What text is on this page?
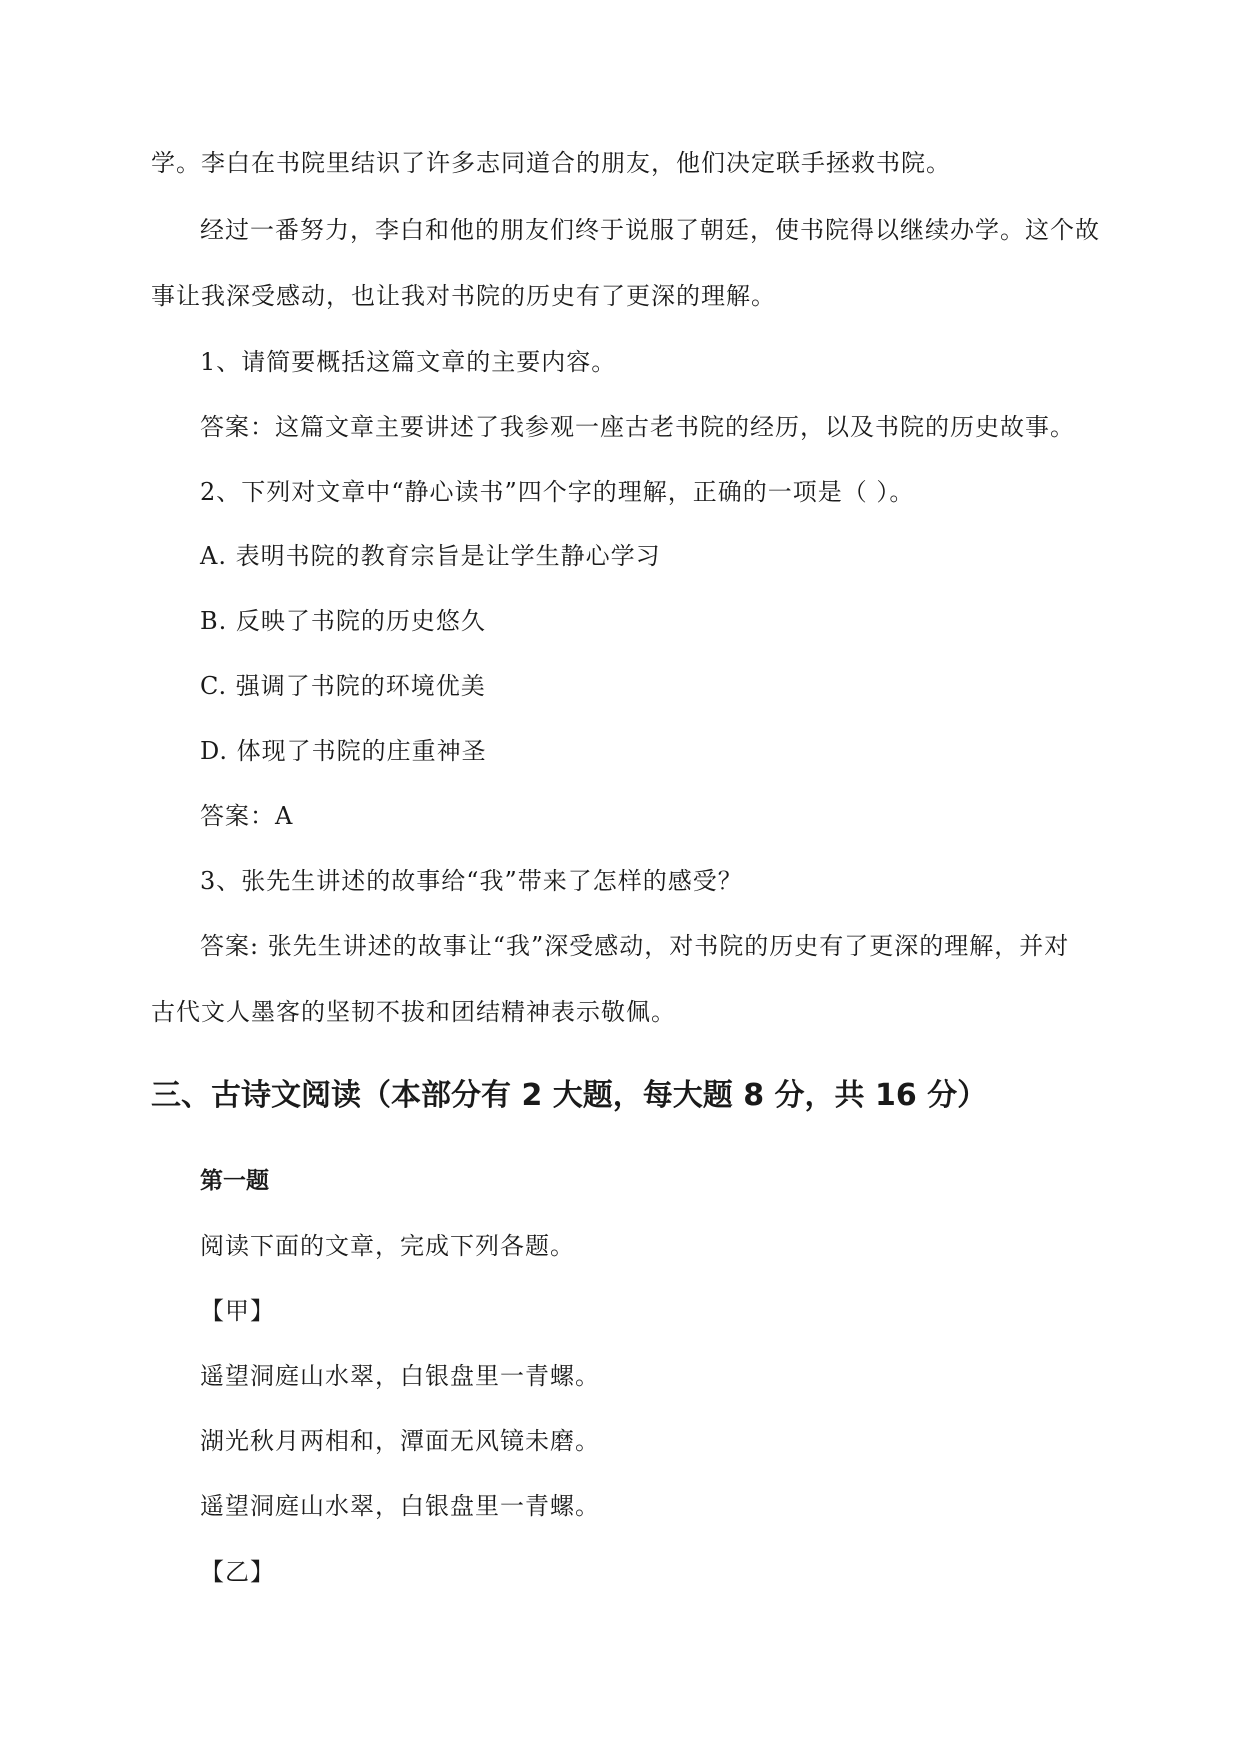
学。李白在书院里结识了许多志同道合的朋友，他们决定联手拯救书院。
经过一番努力，李白和他的朋友们终于说服了朝廷，使书院得以继续办学。这个故
事让我深受感动，也让我对书院的历史有了更深的理解。
1、请简要概括这篇文章的主要内容。
答案：这篇文章主要讲述了我参观一座古老书院的经历，以及书院的历史故事。
2、下列对文章中“静心读书”四个字的理解，正确的一项是（ ）。
A. 表明书院的教育宗旨是让学生静心学习
B. 反映了书院的历史悠久
C. 强调了书院的环境优美
D. 体现了书院的庄重神圣
答案：A
3、张先生讲述的故事给“我”带来了怎样的感受？
答案: 张先生讲述的故事让“我”深受感动，对书院的历史有了更深的理解，并对
古代文人墨客的坚韧不拔和团结精神表示敬佩。
三、古诗文阅读（本部分有 2 大题，每大题 8 分，共 16 分）
第一题
阅读下面的文章，完成下列各题。
【甲】
遥望洞庭山水翠，白银盘里一青螺。
湖光秋月两相和，潭面无风镜未磨。
遥望洞庭山水翠，白银盘里一青螺。
【乙】
